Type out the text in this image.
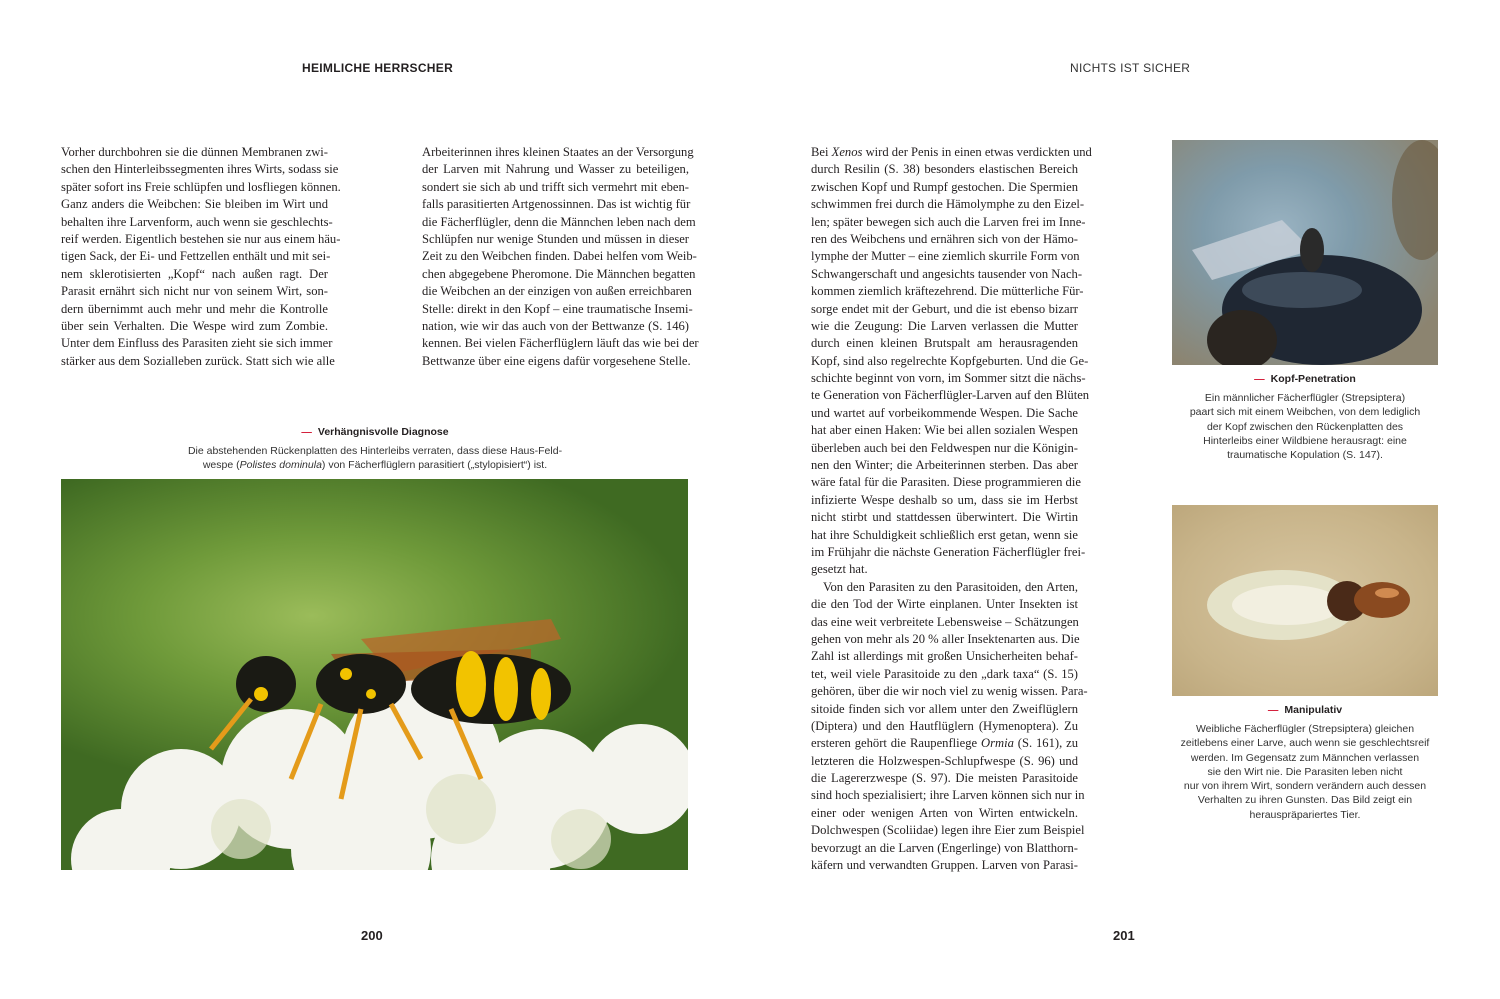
HEIMLICHE HERRSCHER	NICHTS IST SICHER
Vorher durchbohren sie die dünnen Membranen zwi-
schen den Hinterleibssegmenten ihres Wirts, sodass sie
später sofort ins Freie schlüpfen und losfliegen können.
Ganz anders die Weibchen: Sie bleiben im Wirt und
behalten ihre Larvenform, auch wenn sie geschlechts-
reif werden. Eigentlich bestehen sie nur aus einem häu-
tigen Sack, der Ei- und Fettzellen enthält und mit sei-
nem sklerotisierten „Kopf“ nach außen ragt. Der
Parasit ernährt sich nicht nur von seinem Wirt, son-
dern übernimmt auch mehr und mehr die Kontrolle
über sein Verhalten. Die Wespe wird zum Zombie.
Unter dem Einfluss des Parasiten zieht sie sich immer
stärker aus dem Sozialleben zurück. Statt sich wie alle
Arbeiterinnen ihres kleinen Staates an der Versorgung
der Larven mit Nahrung und Wasser zu beteiligen,
sondert sie sich ab und trifft sich vermehrt mit eben-
falls parasitierten Artgenossinnen. Das ist wichtig für
die Fächerflügler, denn die Männchen leben nach dem
Schlüpfen nur wenige Stunden und müssen in dieser
Zeit zu den Weibchen finden. Dabei helfen vom Weib-
chen abgegebene Pheromone. Die Männchen begatten
die Weibchen an der einzigen von außen erreichbaren
Stelle: direkt in den Kopf – eine traumatische Insemi-
nation, wie wir das auch von der Bettwanze (S. 146)
kennen. Bei vielen Fächerflüglern läuft das wie bei der
Bettwanze über eine eigens dafür vorgesehene Stelle.
Bei Xenos wird der Penis in einen etwas verdickten und
durch Resilin (S. 38) besonders elastischen Bereich
zwischen Kopf und Rumpf gestochen. Die Spermien
schwimmen frei durch die Hämolymphe zu den Eizel-
len; später bewegen sich auch die Larven frei im Inne-
ren des Weibchens und ernähren sich von der Hämo-
lymphe der Mutter – eine ziemlich skurrile Form von
Schwangerschaft und angesichts tausender von Nach-
kommen ziemlich kräftezehrend. Die mütterliche Für-
sorge endet mit der Geburt, und die ist ebenso bizarr
wie die Zeugung: Die Larven verlassen die Mutter
durch einen kleinen Brutspalt am herausragenden
Kopf, sind also regelrechte Kopfgeburten. Und die Ge-
schichte beginnt von vorn, im Sommer sitzt die nächs-
te Generation von Fächerflügler-Larven auf den Blüten
und wartet auf vorbeikommende Wespen. Die Sache
hat aber einen Haken: Wie bei allen sozialen Wespen
überleben auch bei den Feldwespen nur die Königin-
nen den Winter; die Arbeiterinnen sterben. Das aber
wäre fatal für die Parasiten. Diese programmieren die
infizierte Wespe deshalb so um, dass sie im Herbst
nicht stirbt und stattdessen überwintert. Die Wirtin
hat ihre Schuldigkeit schließlich erst getan, wenn sie
im Frühjahr die nächste Generation Fächerflügler frei-
gesetzt hat.
Von den Parasiten zu den Parasitoiden, den Arten,
die den Tod der Wirte einplanen. Unter Insekten ist
das eine weit verbreitete Lebensweise – Schätzungen
gehen von mehr als 20 % aller Insektenarten aus. Die
Zahl ist allerdings mit großen Unsicherheiten behaf-
tet, weil viele Parasitoide zu den „dark taxa“ (S. 15)
gehören, über die wir noch viel zu wenig wissen. Para-
sitoide finden sich vor allem unter den Zweiflüglern
(Diptera) und den Hautflüglern (Hymenoptera). Zu
ersteren gehört die Raupenfliege Ormia (S. 161), zu
letzteren die Holzwespen-Schlupfwespe (S. 96) und
die Lagererzwespe (S. 97). Die meisten Parasitoide
sind hoch spezialisiert; ihre Larven können sich nur in
einer oder wenigen Arten von Wirten entwickeln.
Dolchwespen (Scoliidae) legen ihre Eier zum Beispiel
bevorzugt an die Larven (Engerlinge) von Blatthorn-
käfern und verwandten Gruppen. Larven von Parasi-
— Verhängnisvolle Diagnose
Die abstehenden Rückenplatten des Hinterleibs verraten, dass diese Haus-Feld-
wespe (Polistes dominula) von Fächerflüglern parasitiert („stylopisiert“) ist.
— Kopf-Penetration
Ein männlicher Fächerflügler (Strepsiptera)
paart sich mit einem Weibchen, von dem lediglich
der Kopf zwischen den Rückenplatten des
Hinterleibs einer Wildbiene herausragt: eine
traumatische Kopulation (S. 147).
— Manipulativ
Weibliche Fächerflügler (Strepsiptera) gleichen
zeitlebens einer Larve, auch wenn sie geschlechtsreif
werden. Im Gegensatz zum Männchen verlassen
sie den Wirt nie. Die Parasiten leben nicht
nur von ihrem Wirt, sondern verändern auch dessen
Verhalten zu ihren Gunsten. Das Bild zeigt ein
herauspräpariertes Tier.
200	201
